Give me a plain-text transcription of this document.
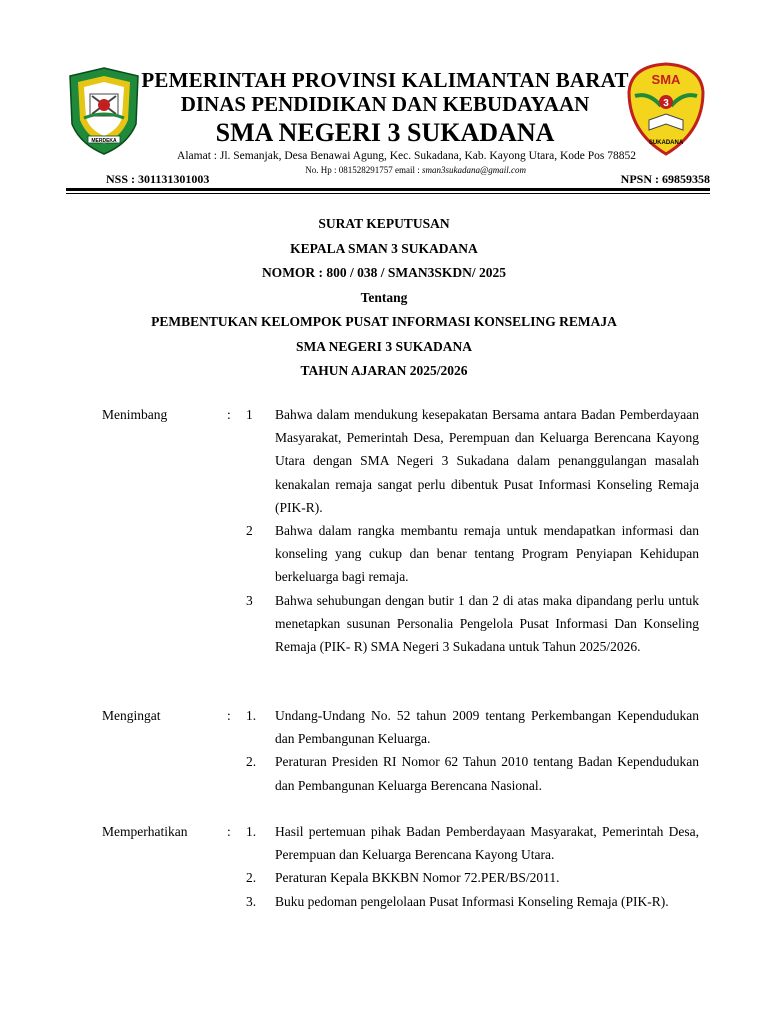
MERDEKA
PEMERINTAH PROVINSI KALIMANTAN BARAT
DINAS PENDIDIKAN DAN KEBUDAYAAN
SMA NEGERI 3 SUKADANA
SMA
3
SUKADANA
Alamat : Jl. Semanjak, Desa Benawai Agung, Kec. Sukadana, Kab. Kayong Utara, Kode Pos 78852
No. Hp : 081528291757 email : sman3sukadana@gmail.com
NSS : 301131301003	NPSN : 69859358
SURAT KEPUTUSAN
KEPALA SMAN 3 SUKADANA
NOMOR : 800 / 038 / SMAN3SKDN/ 2025
Tentang
PEMBENTUKAN KELOMPOK PUSAT INFORMASI KONSELING REMAJA
SMA NEGERI 3 SUKADANA
TAHUN AJARAN 2025/2026
Menimbang	: 1 Bahwa dalam mendukung kesepakatan Bersama antara Badan Pemberdayaan Masyarakat, Pemerintah Desa, Perempuan dan Keluarga Berencana Kayong Utara dengan SMA Negeri 3 Sukadana dalam penanggulangan masalah kenakalan remaja sangat perlu dibentuk Pusat Informasi Konseling Remaja (PIK-R).
2 Bahwa dalam rangka membantu remaja untuk mendapatkan informasi dan konseling yang cukup dan benar tentang Program Penyiapan Kehidupan berkeluarga bagi remaja.
3 Bahwa sehubungan dengan butir 1 dan 2 di atas maka dipandang perlu untuk menetapkan susunan Personalia Pengelola Pusat Informasi Dan Konseling Remaja (PIK- R) SMA Negeri 3 Sukadana untuk Tahun 2025/2026.
Mengingat	: 1. Undang-Undang No. 52 tahun 2009 tentang Perkembangan Kependudukan dan Pembangunan Keluarga.
2. Peraturan Presiden RI Nomor 62 Tahun 2010 tentang Badan Kependudukan dan Pembangunan Keluarga Berencana Nasional.
Memperhatikan	: 1. Hasil pertemuan pihak Badan Pemberdayaan Masyarakat, Pemerintah Desa, Perempuan dan Keluarga Berencana Kayong Utara.
2. Peraturan Kepala BKKBN Nomor 72.PER/BS/2011.
3. Buku pedoman pengelolaan Pusat Informasi Konseling Remaja (PIK-R).
